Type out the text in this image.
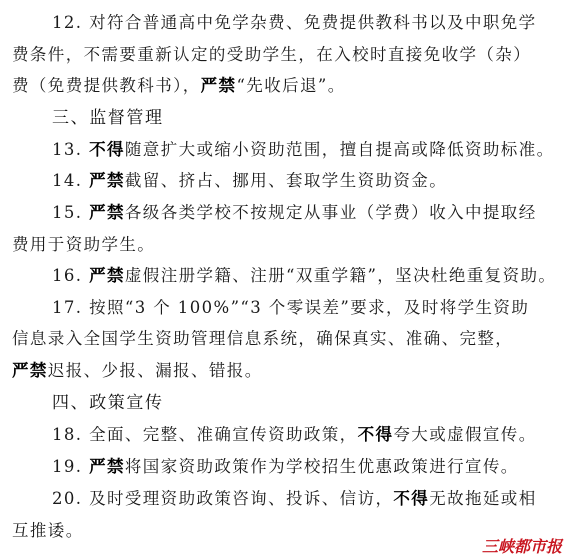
12. 对符合普通高中免学杂费、免费提供教科书以及中职免学
费条件，不需要重新认定的受助学生，在入校时直接免收学（杂）
费（免费提供教科书），严禁“先收后退”。
三、监督管理
13. 不得随意扩大或缩小资助范围，擅自提高或降低资助标准。
14. 严禁截留、挤占、挪用、套取学生资助资金。
15. 严禁各级各类学校不按规定从事业（学费）收入中提取经
费用于资助学生。
16. 严禁虚假注册学籍、注册“双重学籍”，坚决杜绝重复资助。
17. 按照“3 个 100%”“3 个零误差”要求，及时将学生资助
信息录入全国学生资助管理信息系统，确保真实、准确、完整，
严禁迟报、少报、漏报、错报。
四、政策宣传
18. 全面、完整、准确宣传资助政策，不得夸大或虚假宣传。
19. 严禁将国家资助政策作为学校招生优惠政策进行宣传。
20. 及时受理资助政策咨询、投诉、信访，不得无故拖延或相
互推诿。
三峡都市报
